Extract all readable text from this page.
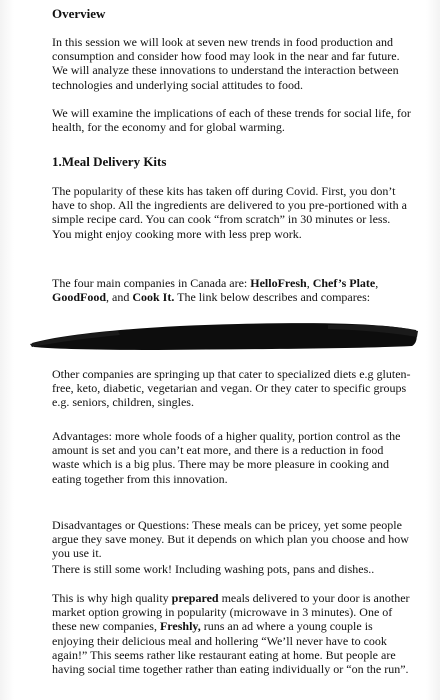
Overview
In this session we will look at seven new trends in food production and consumption and consider how food may look in the near and far future. We will analyze these innovations to understand the interaction between technologies and underlying social attitudes to food.
We will examine the implications of each of these trends for social life, for health, for the economy and for global warming.
1.Meal Delivery Kits
The popularity of these kits has taken off during Covid. First, you don’t have to shop. All the ingredients are delivered to you pre-portioned with a simple recipe card. You can cook “from scratch” in 30 minutes or less. You might enjoy cooking more with less prep work.
The four main companies in Canada are: HelloFresh, Chef’s Plate, GoodFood, and Cook It. The link below describes and compares:
Other companies are springing up that cater to specialized diets e.g gluten-free, keto, diabetic, vegetarian and vegan. Or they cater to specific groups e.g. seniors, children, singles.
Advantages: more whole foods of a higher quality, portion control as the amount is set and you can’t eat more, and there is a reduction in food waste which is a big plus. There may be more pleasure in cooking and eating together from this innovation.
Disadvantages or Questions: These meals can be pricey, yet some people argue they save money. But it depends on which plan you choose and how you use it.
There is still some work! Including washing pots, pans and dishes..
This is why high quality prepared meals delivered to your door is another market option growing in popularity (microwave in 3 minutes). One of these new companies, Freshly, runs an ad where a young couple is enjoying their delicious meal and hollering “We’ll never have to cook again!” This seems rather like restaurant eating at home. But people are having social time together rather than eating individually or “on the run”.
